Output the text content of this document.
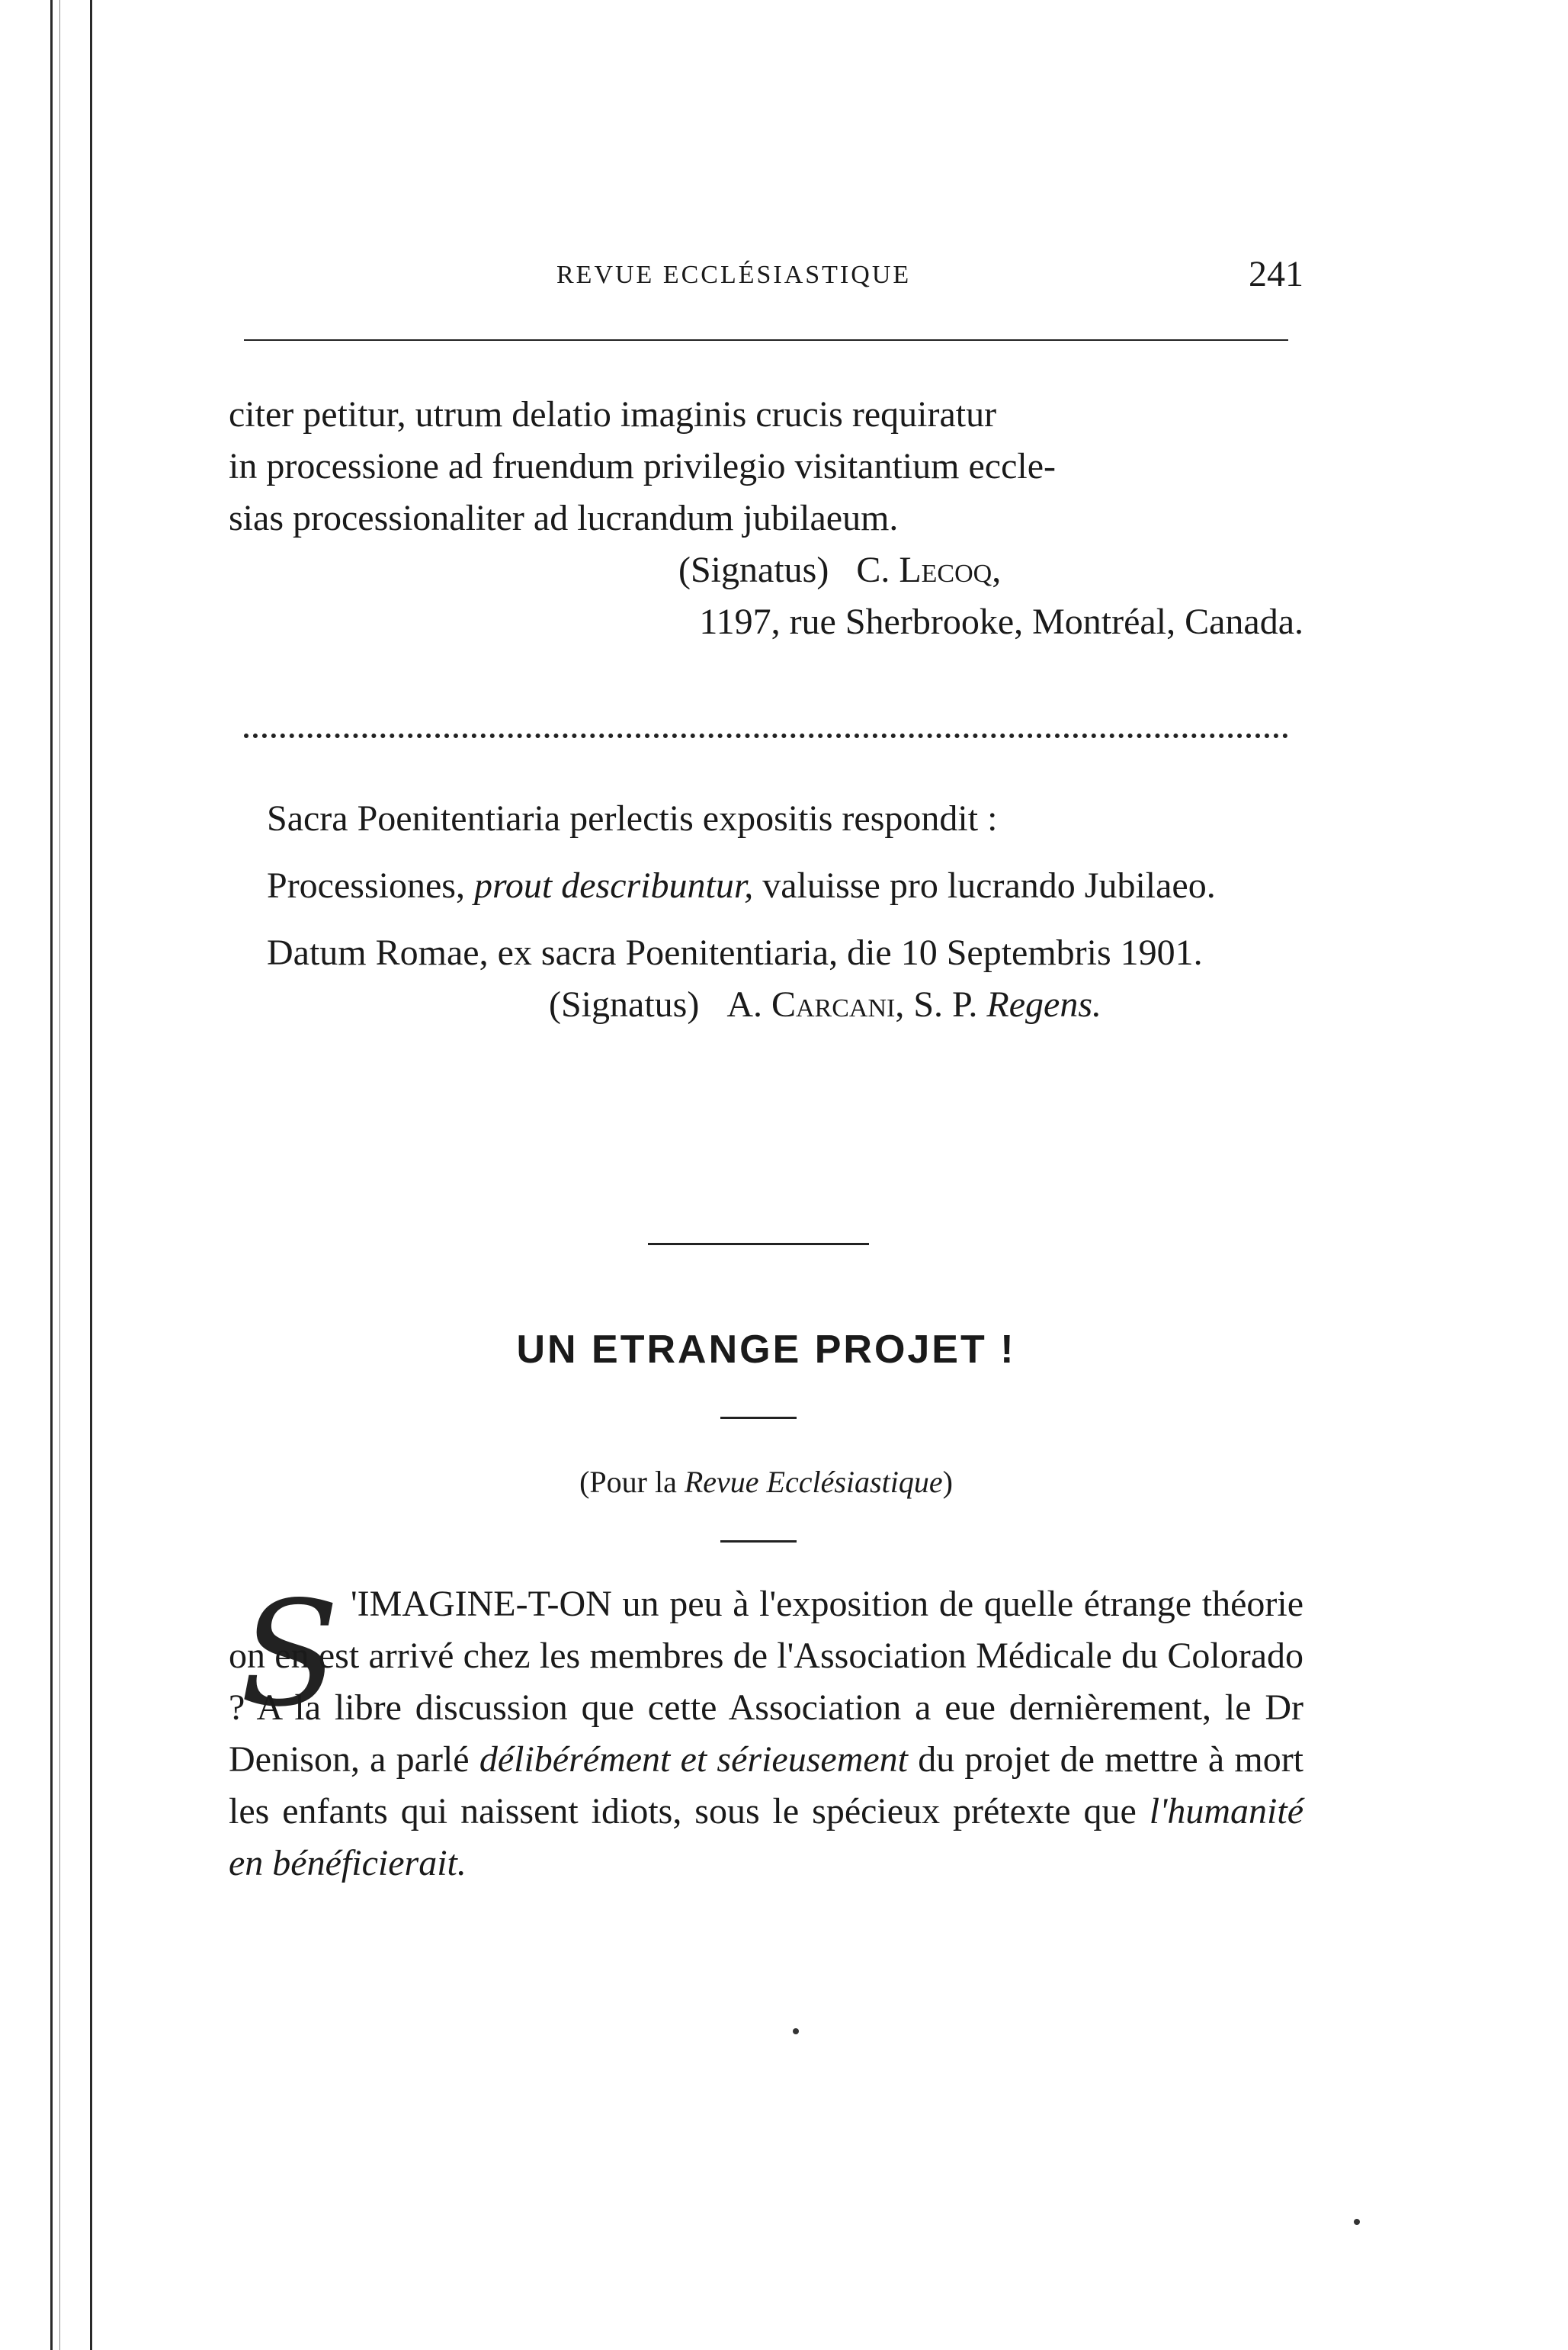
REVUE ECCLÉSIASTIQUE	241

citer petitur, utrum delatio imaginis crucis requiratur

in processione ad fruendum privilegio visitantium eccle-

sias processionaliter ad lucrandum jubilaeum.

(Signatus) C. Lecoq,

1197, rue Sherbrooke, Montréal, Canada.

Sacra Poenitentiaria perlectis expositis respondit :

Processiones, prout describuntur, valuisse pro lucrando Jubilaeo.

Datum Romae, ex sacra Poenitentiaria, die 10 Septembris 1901.

(Signatus) A. Carcani, S. P. Regens.

UN ETRANGE PROJET !
(Pour la Revue Ecclésiastique)
S 'IMAGINE-T-ON un peu à l'exposition de quelle étrange théorie on en est arrivé chez les membres de l'Association Médicale du Colorado ? A la libre discussion que cette Association a eue dernièrement, le Dr Denison, a parlé délibérément et sérieusement du projet de mettre à mort les enfants qui naissent idiots, sous le spécieux prétexte que l'humanité en bénéficierait.
